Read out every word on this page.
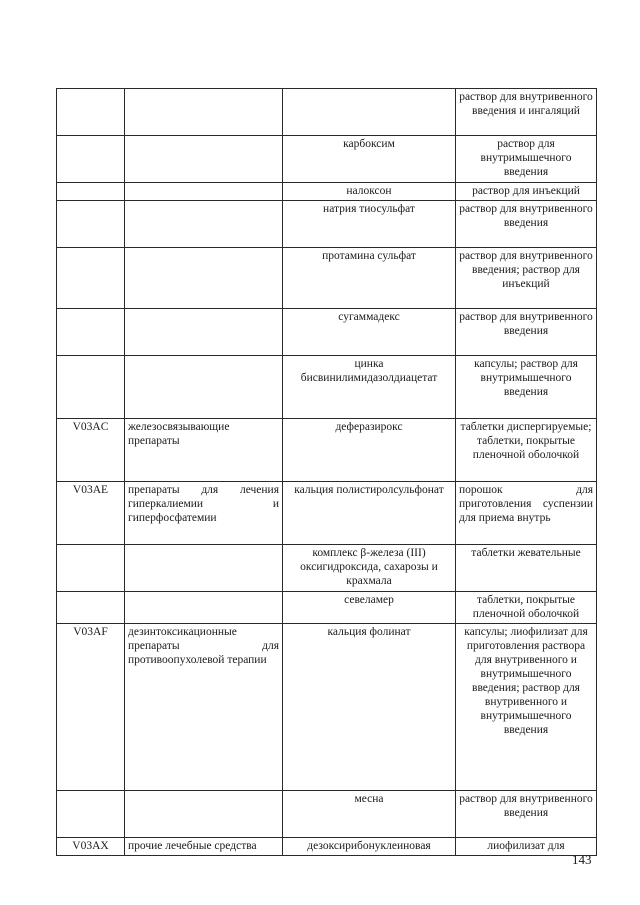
			раствор для внутривенного введения и ингаляций
		карбоксим	раствор для внутримышечного введения
		налоксон	раствор для инъекций
		натрия тиосульфат	раствор для внутривенного введения
		протамина сульфат	раствор для внутривенного введения; раствор для инъекций
		сугаммадекс	раствор для внутривенного введения
		цинка бисвинилимидазолдиацетат	капсулы; раствор для внутримышечного введения
V03AC	железосвязывающие препараты	деферазирокс	таблетки диспергируемые; таблетки, покрытые пленочной оболочкой
V03AE	препараты для лечения гиперкалиемии и гиперфосфатемии	кальция полистиролсульфонат	порошок для приготовления суспензии для приема внутрь
		комплекс β-железа (III) оксигидроксида, сахарозы и крахмала	таблетки жевательные
		севеламер	таблетки, покрытые пленочной оболочкой
V03AF	дезинтоксикационные препараты для противоопухолевой терапии	кальция фолинат	капсулы; лиофилизат для приготовления раствора для внутривенного и внутримышечного введения; раствор для внутривенного и внутримышечного введения
		месна	раствор для внутривенного введения
V03AX	прочие лечебные средства	дезоксирибонуклеиновая	лиофилизат для
143
